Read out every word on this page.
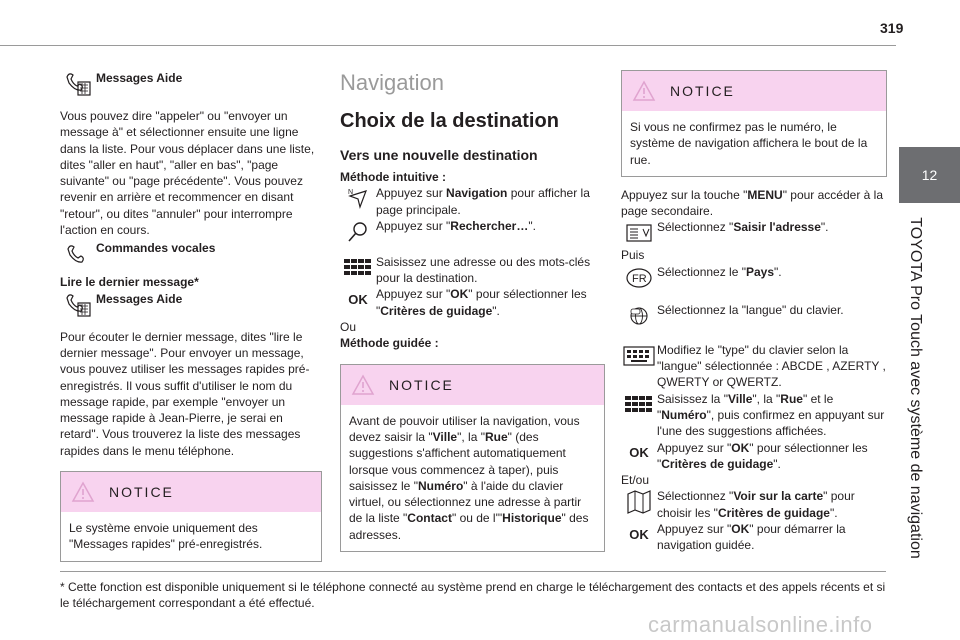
319
12
TOYOTA Pro Touch avec système de navigation
Messages Aide

Vous pouvez dire "appeler" ou "envoyer un message à" et sélectionner ensuite une ligne dans la liste. Pour vous déplacer dans une liste, dites "aller en haut", "aller en bas", "page suivante" ou "page précédente". Vous pouvez revenir en arrière et recommencer en disant "retour", ou dites "annuler" pour interrompre l'action en cours.

Commandes vocales

Lire le dernier message*

Messages Aide

Pour écouter le dernier message, dites "lire le dernier message". Pour envoyer un message, vous pouvez utiliser les messages rapides pré-enregistrés. Il vous suffit d'utiliser le nom du message rapide, par exemple "envoyer un message rapide à Jean-Pierre, je serai en retard". Vous trouverez la liste des messages rapides dans le menu téléphone.

NOTICE
Le système envoie uniquement des "Messages rapides" pré-enregistrés.
Navigation
Choix de la destination
Vers une nouvelle destination

Méthode intuitive :

N Appuyez sur Navigation pour afficher la page principale.
Appuyez sur "Rechercher…".
Saisissez une adresse ou des mots-clés pour la destination.
OK Appuyez sur "OK" pour sélectionner les "Critères de guidage".

Ou

Méthode guidée :

NOTICE
Avant de pouvoir utiliser la navigation, vous devez saisir la "Ville", la "Rue" (des suggestions s'affichent automatiquement lorsque vous commencez à taper), puis saisissez le "Numéro" à l'aide du clavier virtuel, ou sélectionnez une adresse à partir de la liste "Contact" ou de l'"Historique" des adresses.
NOTICE
Si vous ne confirmez pas le numéro, le système de navigation affichera le bout de la rue.

Appuyez sur la touche "MENU" pour accéder à la page secondaire.

Sélectionnez "Saisir l'adresse".

Puis

FR Sélectionnez le "Pays".
Sélectionnez la "langue" du clavier.
Modifiez le "type" du clavier selon la "langue" sélectionnée : ABCDE , AZERTY , QWERTY or QWERTZ.
Saisissez la "Ville", la "Rue" et le "Numéro", puis confirmez en appuyant sur l'une des suggestions affichées.
OK Appuyez sur "OK" pour sélectionner les "Critères de guidage".

Et/ou

Sélectionnez "Voir sur la carte" pour choisir les "Critères de guidage".
OK Appuyez sur "OK" pour démarrer la navigation guidée.
* Cette fonction est disponible uniquement si le téléphone connecté au système prend en charge le téléchargement des contacts et des appels récents et si le téléchargement correspondant a été effectué.
carmanualsonline.info
